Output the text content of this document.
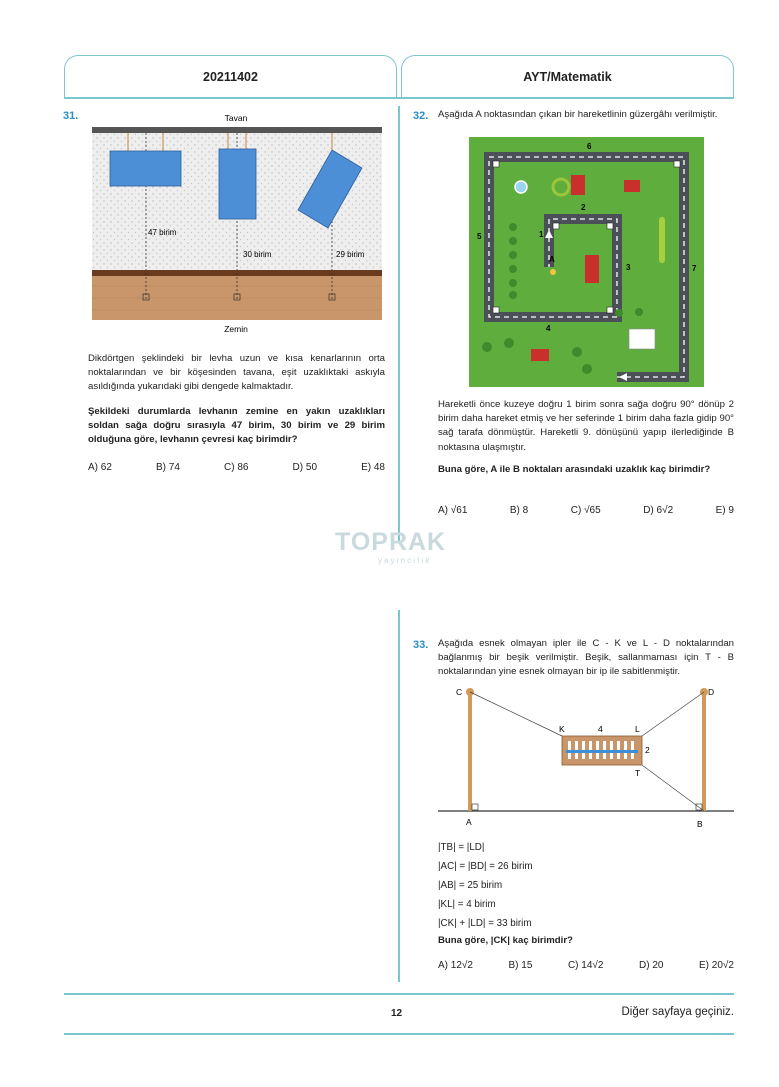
20211402	AYT/Matematik
31.	Tavan
47 birim
30 birim	29 birim
Zemin
Dikdörtgen şeklindeki bir levha uzun ve kısa kenarlarının orta noktalarından ve bir köşesinden tavana, eşit uzaklıktaki askıyla asıldığında yukarıdaki gibi dengede kalmaktadır.
Şekildeki durumlarda levhanın zemine en yakın uzaklıkları soldan sağa doğru sırasıyla 47 birim, 30 birim ve 29 birim olduğuna göre, levhanın çevresi kaç birimdir?
A) 62	B) 74	C) 86	D) 50	E) 48
32. Aşağıda A noktasından çıkan bir hareketlinin güzergâhı verilmiştir.
6
5
7
4
3
2
1
A
Hareketli önce kuzeye doğru 1 birim sonra sağa doğru 90° dönüp 2 birim daha hareket etmiş ve her seferinde 1 birim daha fazla gidip 90° sağ tarafa dönmüştür. Hareketli 9. dönüşünü yapıp ilerlediğinde B noktasına ulaşmıştır.
Buna göre, A ile B noktaları arasındaki uzaklık kaç birimdir?
A) √61	B) 8	C) √65	D) 6√2	E) 9
TOPRAK
yayıncılık
33. Aşağıda esnek olmayan ipler ile C - K ve L - D noktalarından bağlanmış bir beşik verilmiştir. Beşik, sallanmaması için T - B noktalarından yine esnek olmayan bir ip ile sabitlenmiştir.
C	D
K	4	L
2
T
A	B
|TB| = |LD|
|AC| = |BD| = 26 birim
|AB| = 25 birim
|KL| = 4 birim
|CK| + |LD| = 33 birim
Buna göre, |CK| kaç birimdir?
A) 12√2	B) 15	C) 14√2	D) 20	E) 20√2
12	Diğer sayfaya geçiniz.
